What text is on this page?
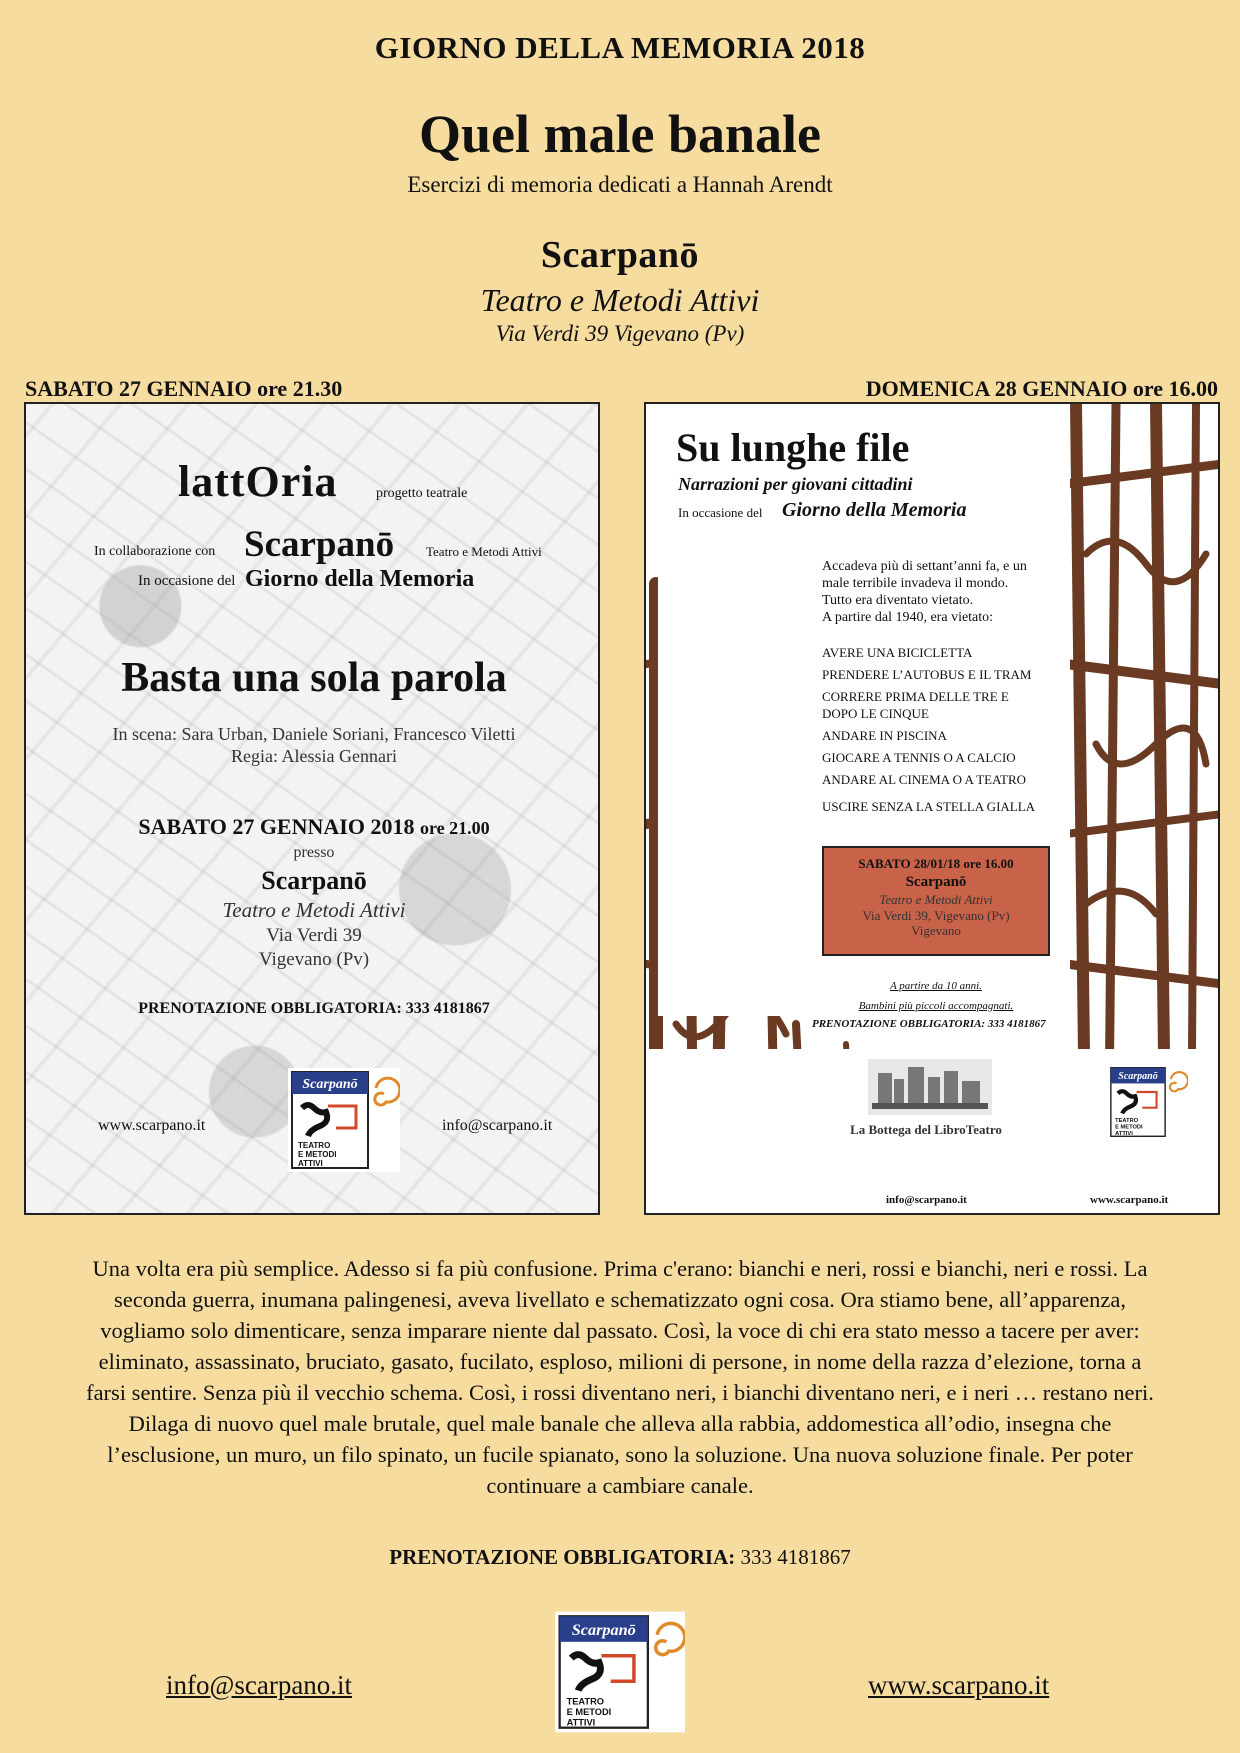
GIORNO DELLA MEMORIA 2018
Quel male banale
Esercizi di memoria dedicati a Hannah Arendt
Scarpanō
Teatro e Metodi Attivi
Via Verdi 39 Vigevano (Pv)
SABATO 27 GENNAIO ore 21.30	DOMENICA 28 GENNAIO ore 16.00
lattOria	progetto teatrale
In collaborazione con Scarpanō Teatro e Metodi Attivi
In occasione del Giorno della Memoria
Basta una sola parola
In scena: Sara Urban, Daniele Soriani, Francesco Viletti
Regia: Alessia Gennari
SABATO 27 GENNAIO 2018 ore 21.00
presso
Scarpanō
Teatro e Metodi Attivi
Via Verdi 39
Vigevano (Pv)
PRENOTAZIONE OBBLIGATORIA: 333 4181867
www.scarpano.it	info@scarpano.it
Scarpanō
TEATRO
E METODI
ATTIVI
Su lunghe file
Narrazioni per giovani cittadini
In occasione del Giorno della Memoria
Accadeva più di settant’anni fa, e un
male terribile invadeva il mondo.
Tutto era diventato vietato.
A partire dal 1940, era vietato:
AVERE UNA BICICLETTA
PRENDERE L’AUTOBUS E IL TRAM
CORRERE PRIMA DELLE TRE E DOPO LE CINQUE
ANDARE IN PISCINA
GIOCARE A TENNIS O A CALCIO
ANDARE AL CINEMA O A TEATRO
USCIRE SENZA LA STELLA GIALLA
SABATO 28/01/18 ore 16.00
Scarpanō
Teatro e Metodi Attivi
Via Verdi 39, Vigevano (Pv)
Vigevano
A partire da 10 anni.
Bambini più piccoli accompagnati.
PRENOTAZIONE OBBLIGATORIA: 333 4181867
La Bottega del LibroTeatro
Scarpanō
TEATRO
E METODI
ATTIVI
info@scarpano.it	www.scarpano.it
Una volta era più semplice. Adesso si fa più confusione. Prima c'erano: bianchi e neri, rossi e bianchi, neri e rossi. La seconda guerra, inumana palingenesi, aveva livellato e schematizzato ogni cosa. Ora stiamo bene, all’apparenza, vogliamo solo dimenticare, senza imparare niente dal passato. Così, la voce di chi era stato messo a tacere per aver: eliminato, assassinato, bruciato, gasato, fucilato, esploso, milioni di persone, in nome della razza d’elezione, torna a farsi sentire. Senza più il vecchio schema. Così, i rossi diventano neri, i bianchi diventano neri, e i neri … restano neri. Dilaga di nuovo quel male brutale, quel male banale che alleva alla rabbia, addomestica all’odio, insegna che l’esclusione, un muro, un filo spinato, un fucile spianato, sono la soluzione. Una nuova soluzione finale. Per poter continuare a cambiare canale.
PRENOTAZIONE OBBLIGATORIA: 333 4181867
info@scarpano.it
Scarpanō
TEATRO
E METODI
ATTIVI
www.scarpano.it
